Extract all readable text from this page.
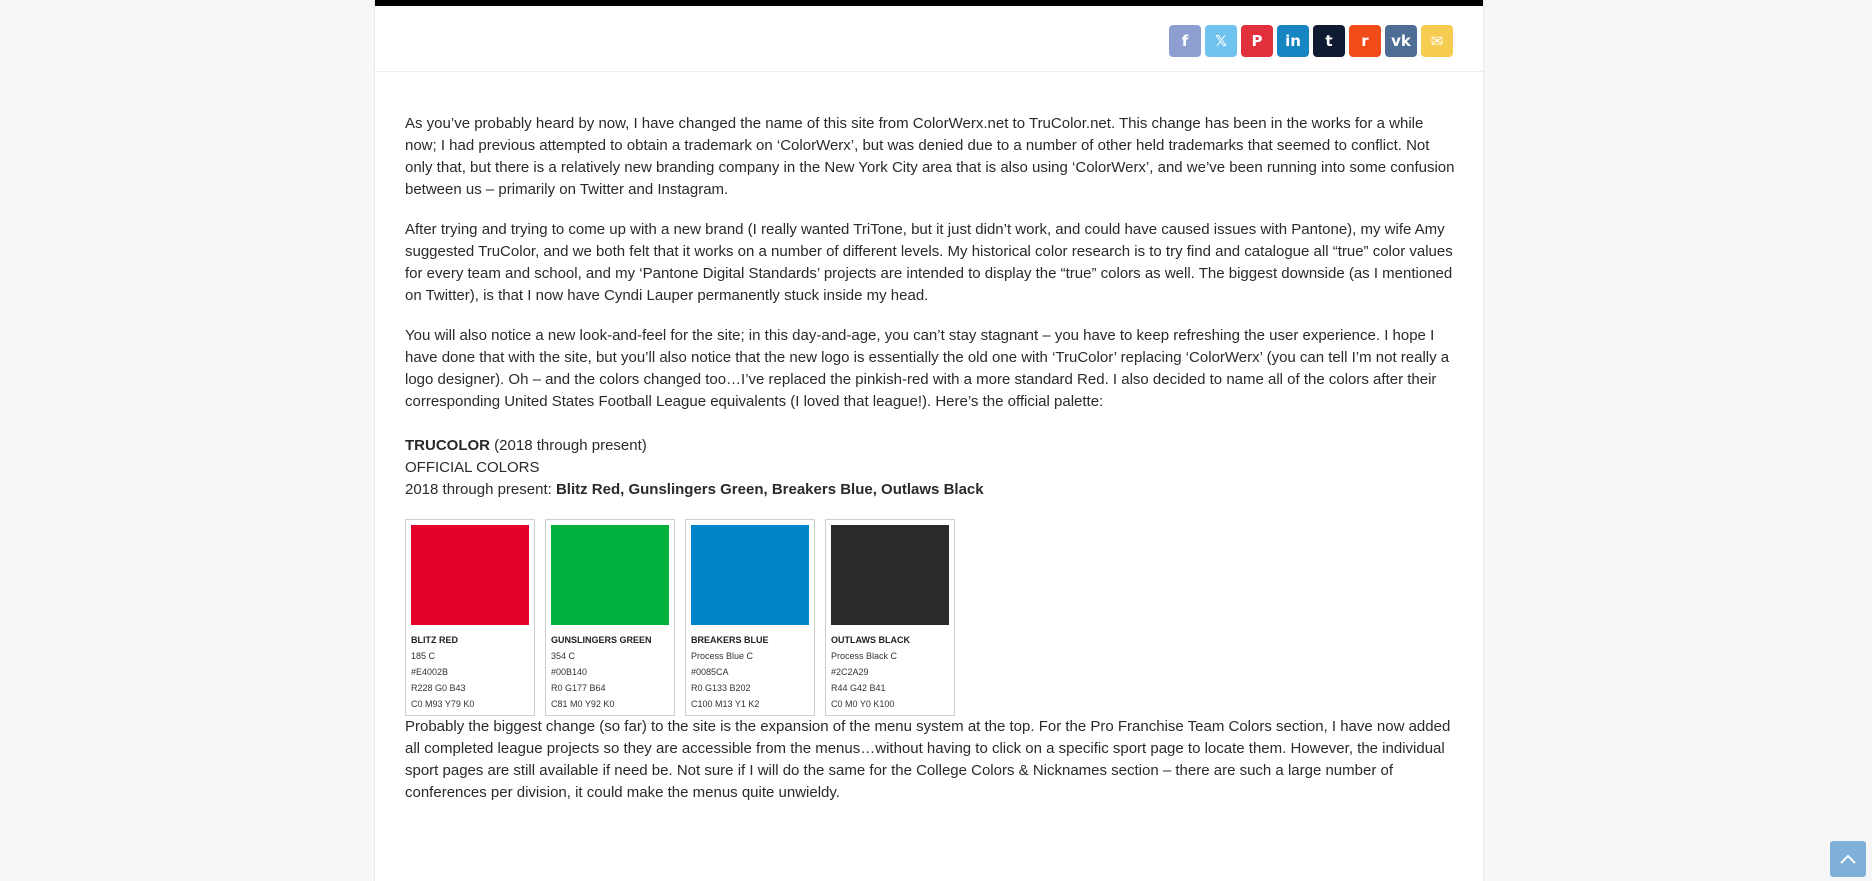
f 𝕏 P in t r vk ✉

As you’ve probably heard by now, I have changed the name of this site from ColorWerx.net to TruColor.net. This change has been in the works for a while now; I had previous attempted to obtain a trademark on ‘ColorWerx’, but was denied due to a number of other held trademarks that seemed to conflict. Not only that, but there is a relatively new branding company in the New York City area that is also using ‘ColorWerx’, and we’ve been running into some confusion between us – primarily on Twitter and Instagram.

After trying and trying to come up with a new brand (I really wanted TriTone, but it just didn’t work, and could have caused issues with Pantone), my wife Amy suggested TruColor, and we both felt that it works on a number of different levels. My historical color research is to try find and catalogue all “true” color values for every team and school, and my ‘Pantone Digital Standards’ projects are intended to display the “true” colors as well. The biggest downside (as I mentioned on Twitter), is that I now have Cyndi Lauper permanently stuck inside my head.

You will also notice a new look-and-feel for the site; in this day-and-age, you can’t stay stagnant – you have to keep refreshing the user experience. I hope I have done that with the site, but you’ll also notice that the new logo is essentially the old one with ‘TruColor’ replacing ‘ColorWerx’ (you can tell I’m not really a logo designer). Oh – and the colors changed too…I’ve replaced the pinkish-red with a more standard Red. I also decided to name all of the colors after their corresponding United States Football League equivalents (I loved that league!). Here’s the official palette:

TRUCOLOR (2018 through present)
OFFICIAL COLORS
2018 through present: Blitz Red, Gunslingers Green, Breakers Blue, Outlaws Black
BLITZ RED
185 C
#E4002B
R228 G0 B43
C0 M93 Y79 K0
GUNSLINGERS GREEN
354 C
#00B140
R0 G177 B64
C81 M0 Y92 K0
BREAKERS BLUE
Process Blue C
#0085CA
R0 G133 B202
C100 M13 Y1 K2
OUTLAWS BLACK
Process Black C
#2C2A29
R44 G42 B41
C0 M0 Y0 K100

Probably the biggest change (so far) to the site is the expansion of the menu system at the top. For the Pro Franchise Team Colors section, I have now added all completed league projects so they are accessible from the menus…without having to click on a specific sport page to locate them. However, the individual sport pages are still available if need be. Not sure if I will do the same for the College Colors & Nicknames section – there are such a large number of conferences per division, it could make the menus quite unwieldy.
